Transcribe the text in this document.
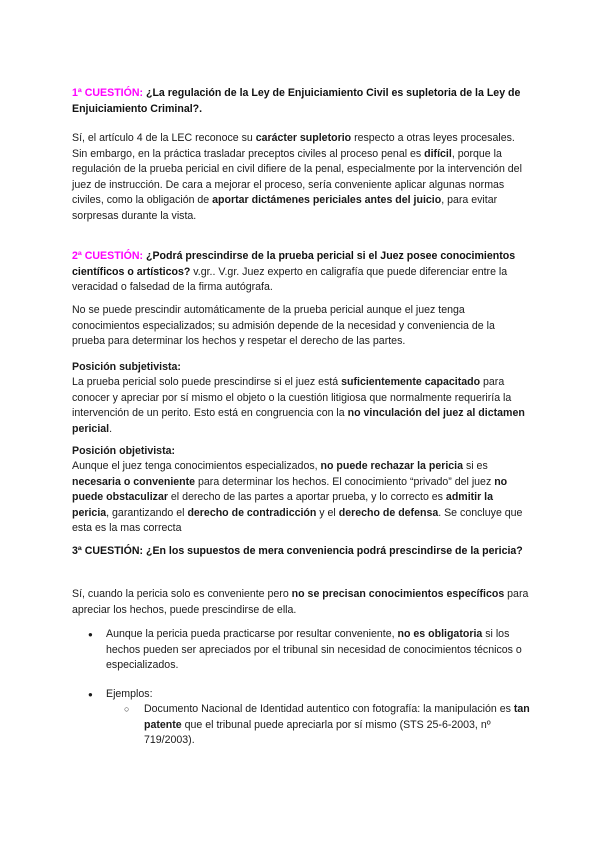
1ª CUESTIÓN: ¿La regulación de la Ley de Enjuiciamiento Civil es supletoria de la Ley de Enjuiciamiento Criminal?.

Sí, el artículo 4 de la LEC reconoce su carácter supletorio respecto a otras leyes procesales. Sin embargo, en la práctica trasladar preceptos civiles al proceso penal es difícil, porque la regulación de la prueba pericial en civil difiere de la penal, especialmente por la intervención del juez de instrucción. De cara a mejorar el proceso, sería conveniente aplicar algunas normas civiles, como la obligación de aportar dictámenes periciales antes del juicio, para evitar sorpresas durante la vista.

2ª CUESTIÓN: ¿Podrá prescindirse de la prueba pericial si el Juez posee conocimientos científicos o artísticos? v.gr.. V.gr. Juez experto en caligrafía que puede diferenciar entre la veracidad o falsedad de la firma autógrafa.

No se puede prescindir automáticamente de la prueba pericial aunque el juez tenga conocimientos especializados; su admisión depende de la necesidad y conveniencia de la prueba para determinar los hechos y respetar el derecho de las partes.

Posición subjetivista:

La prueba pericial solo puede prescindirse si el juez está suficientemente capacitado para conocer y apreciar por sí mismo el objeto o la cuestión litigiosa que normalmente requeriría la intervención de un perito. Esto está en congruencia con la no vinculación del juez al dictamen pericial.

Posición objetivista:

Aunque el juez tenga conocimientos especializados, no puede rechazar la pericia si es necesaria o conveniente para determinar los hechos. El conocimiento “privado” del juez no puede obstaculizar el derecho de las partes a aportar prueba, y lo correcto es admitir la pericia, garantizando el derecho de contradicción y el derecho de defensa. Se concluye que esta es la mas correcta

3ª CUESTIÓN: ¿En los supuestos de mera conveniencia podrá prescindirse de la pericia?

Sí, cuando la pericia solo es conveniente pero no se precisan conocimientos específicos para apreciar los hechos, puede prescindirse de ella.

● Aunque la pericia pueda practicarse por resultar conveniente, no es obligatoria si los hechos pueden ser apreciados por el tribunal sin necesidad de conocimientos técnicos o especializados.
● Ejemplos:
○ Documento Nacional de Identidad autentico con fotografía: la manipulación es tan patente que el tribunal puede apreciarla por sí mismo (STS 25-6-2003, nº 719/2003).
